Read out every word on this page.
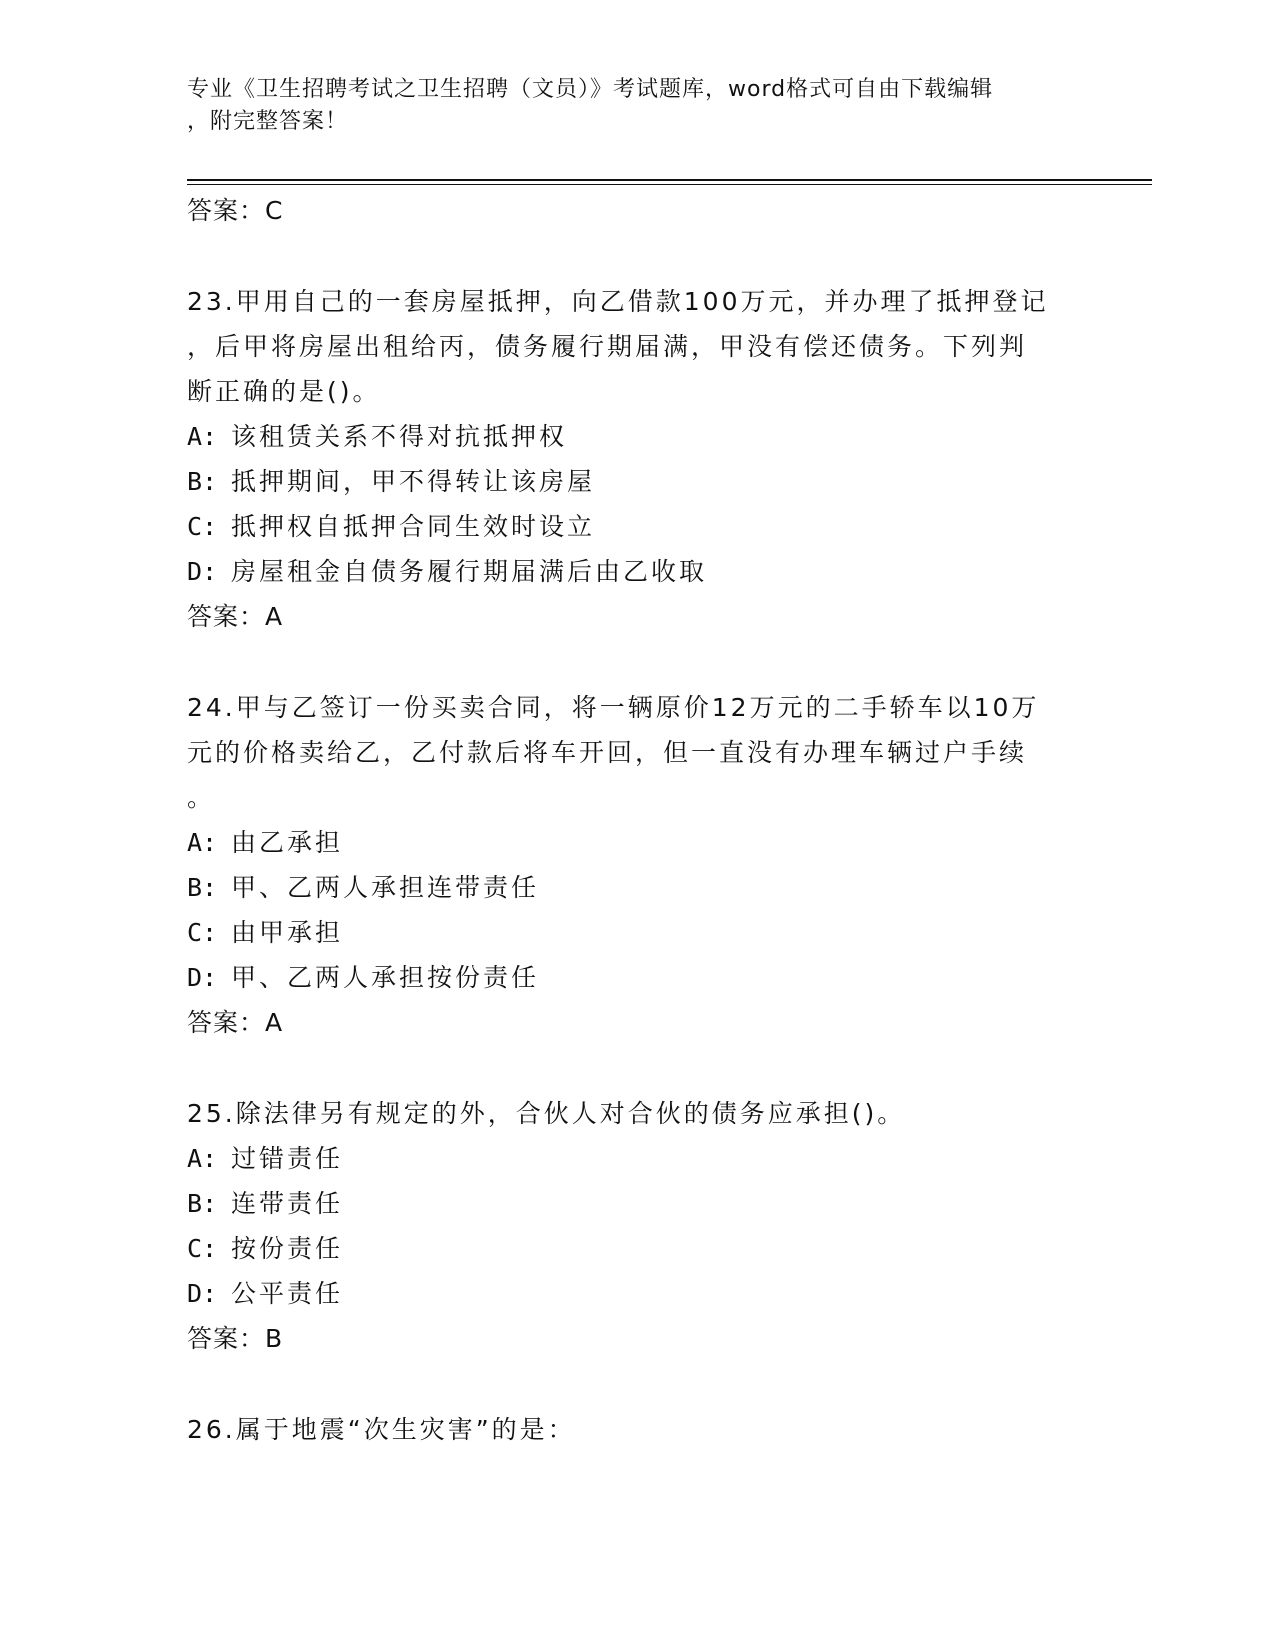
专业《卫生招聘考试之卫生招聘（文员）》考试题库，word格式可自由下载编辑
，附完整答案！
答案：C
23.甲用自己的一套房屋抵押，向乙借款100万元，并办理了抵押登记
，后甲将房屋出租给丙，债务履行期届满，甲没有偿还债务。下列判
断正确的是()。
A: 该租赁关系不得对抗抵押权
B: 抵押期间，甲不得转让该房屋
C: 抵押权自抵押合同生效时设立
D: 房屋租金自债务履行期届满后由乙收取
答案：A
24.甲与乙签订一份买卖合同，将一辆原价12万元的二手轿车以10万
元的价格卖给乙，乙付款后将车开回，但一直没有办理车辆过户手续
。
A: 由乙承担
B: 甲、乙两人承担连带责任
C: 由甲承担
D: 甲、乙两人承担按份责任
答案：A
25.除法律另有规定的外，合伙人对合伙的债务应承担()。
A: 过错责任
B: 连带责任
C: 按份责任
D: 公平责任
答案：B
26.属于地震“次生灾害”的是：
